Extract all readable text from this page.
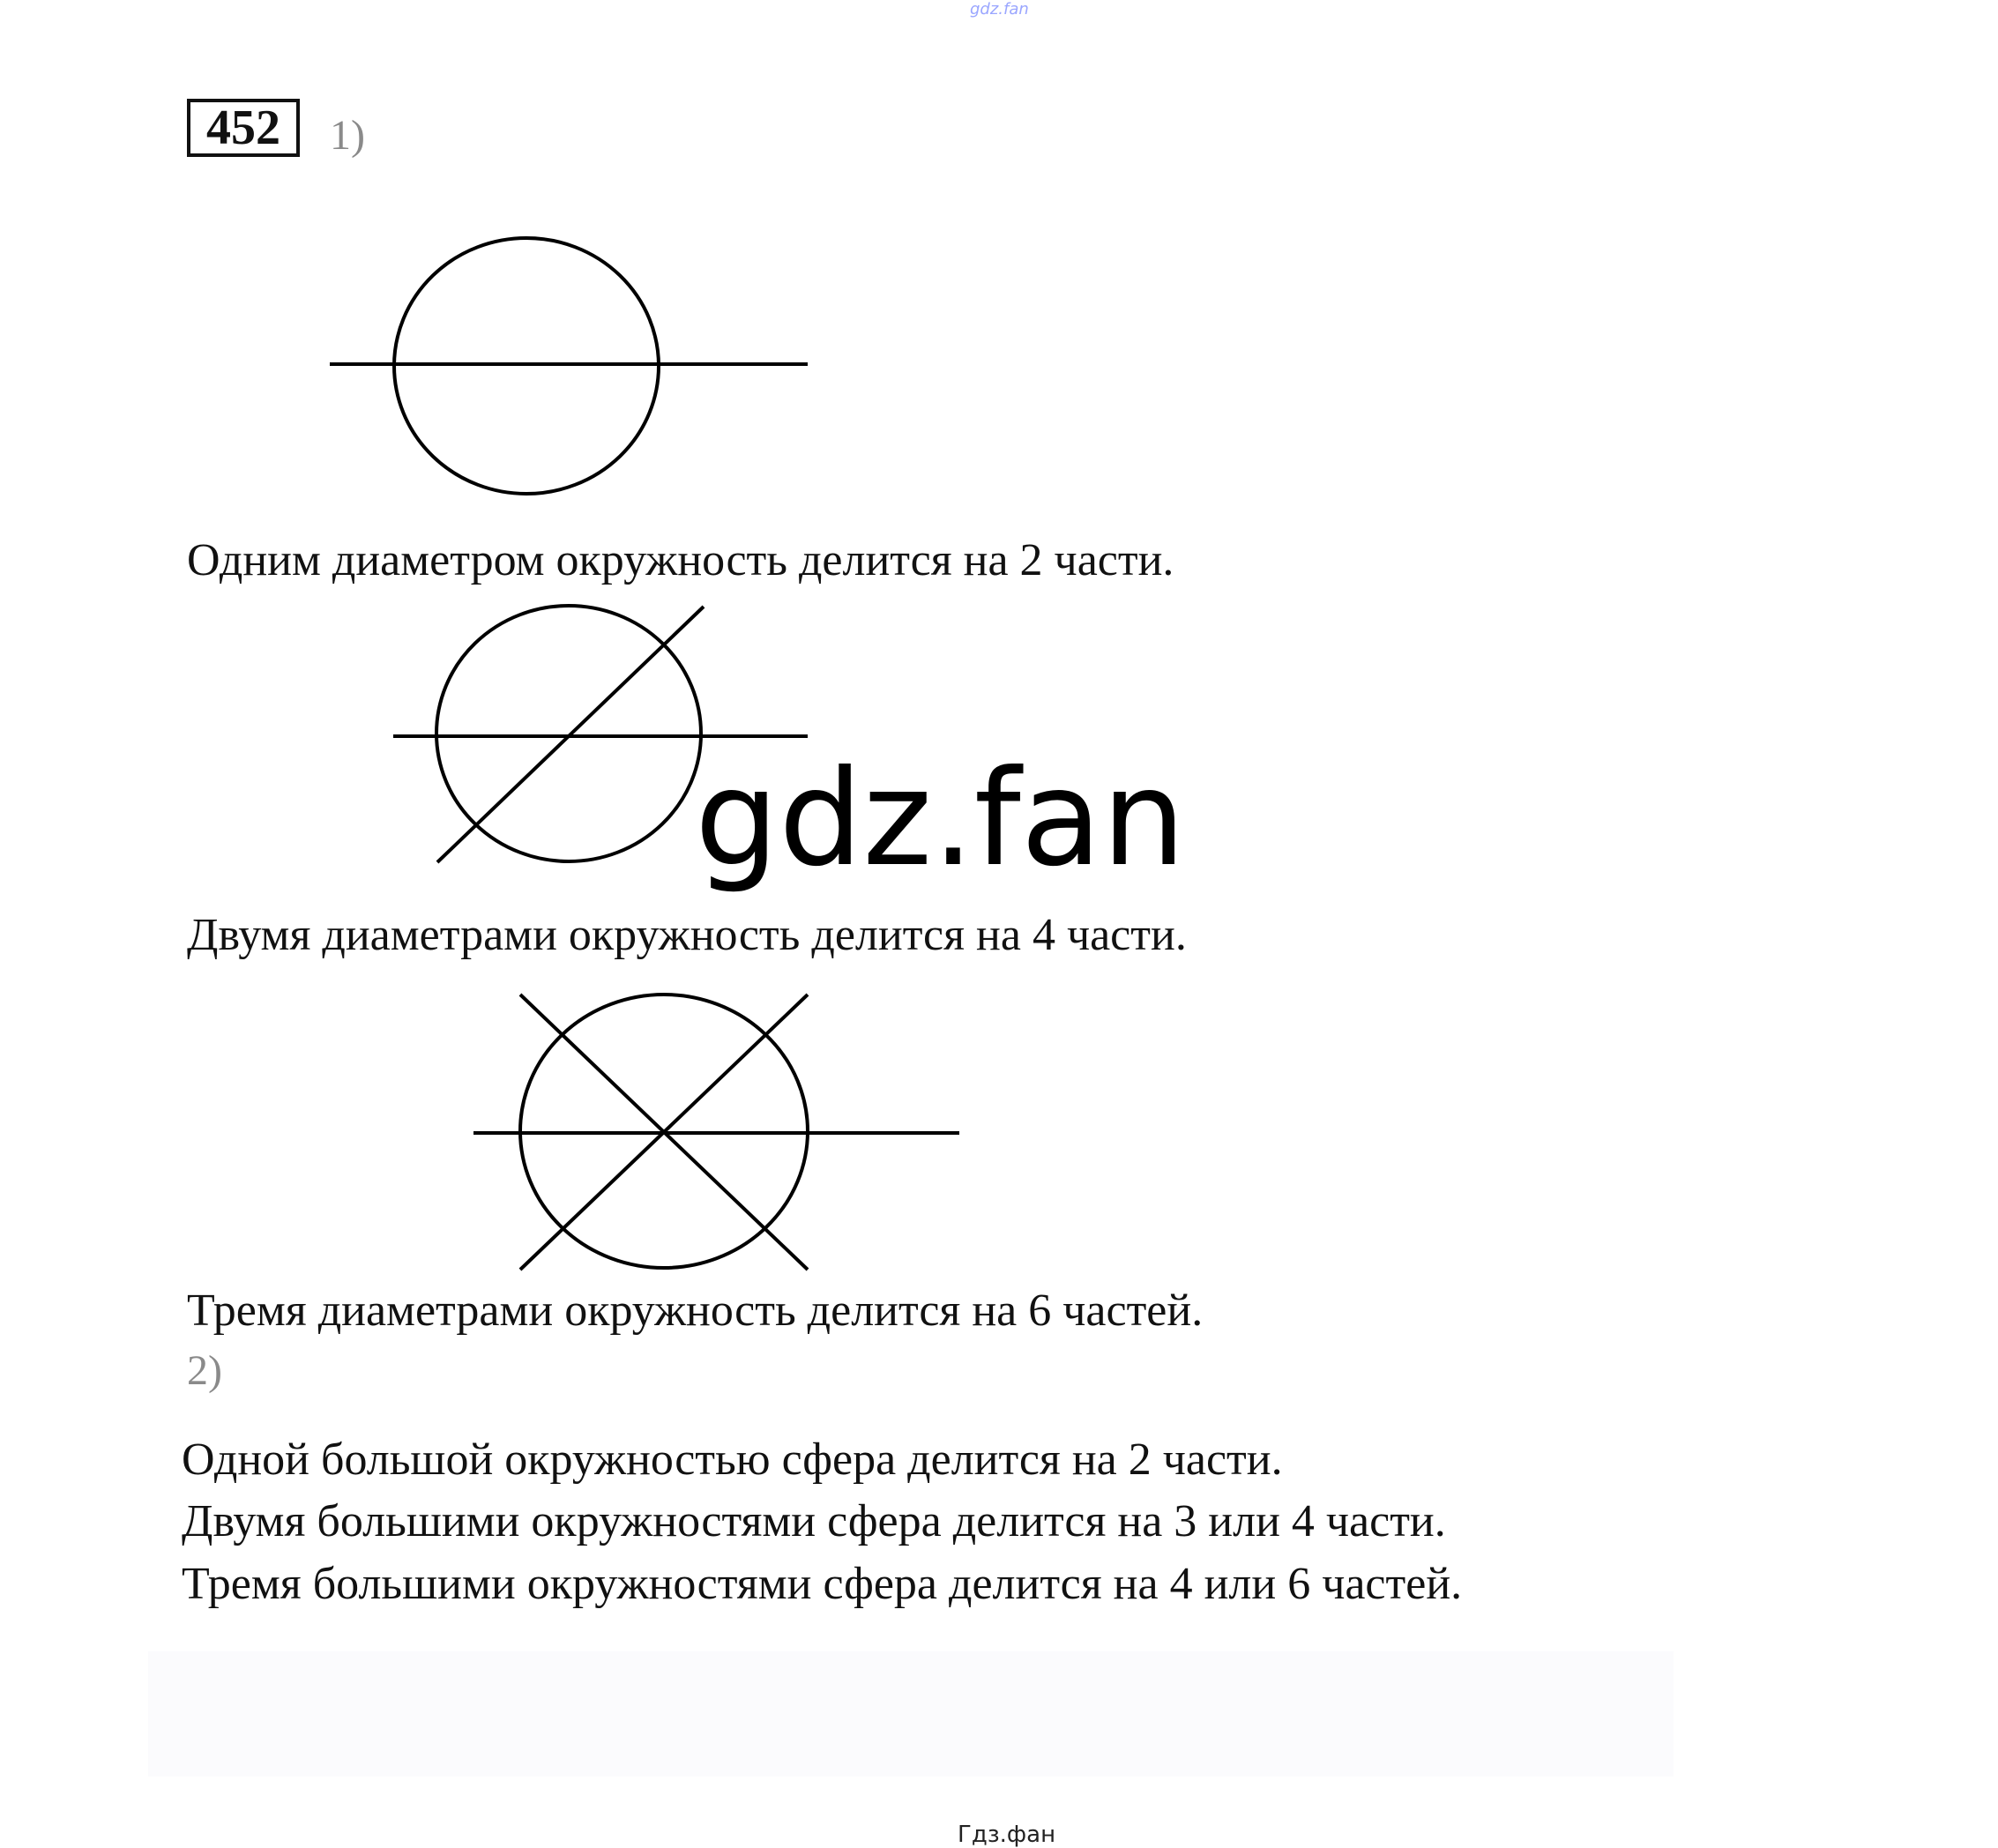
gdz.fan
452	1)
Одним диаметром окружность делится на 2 части.
Двумя диаметрами окружность делится на 4 части.
Тремя диаметрами окружность делится на 6 частей.
2)
Одной большой окружностью сфера делится на 2 части.
Двумя большими окружностями сфера делится на 3 или 4 части.
Тремя большими окружностями сфера делится на 4 или 6 частей.
gdz.fan
Гдз.фан
